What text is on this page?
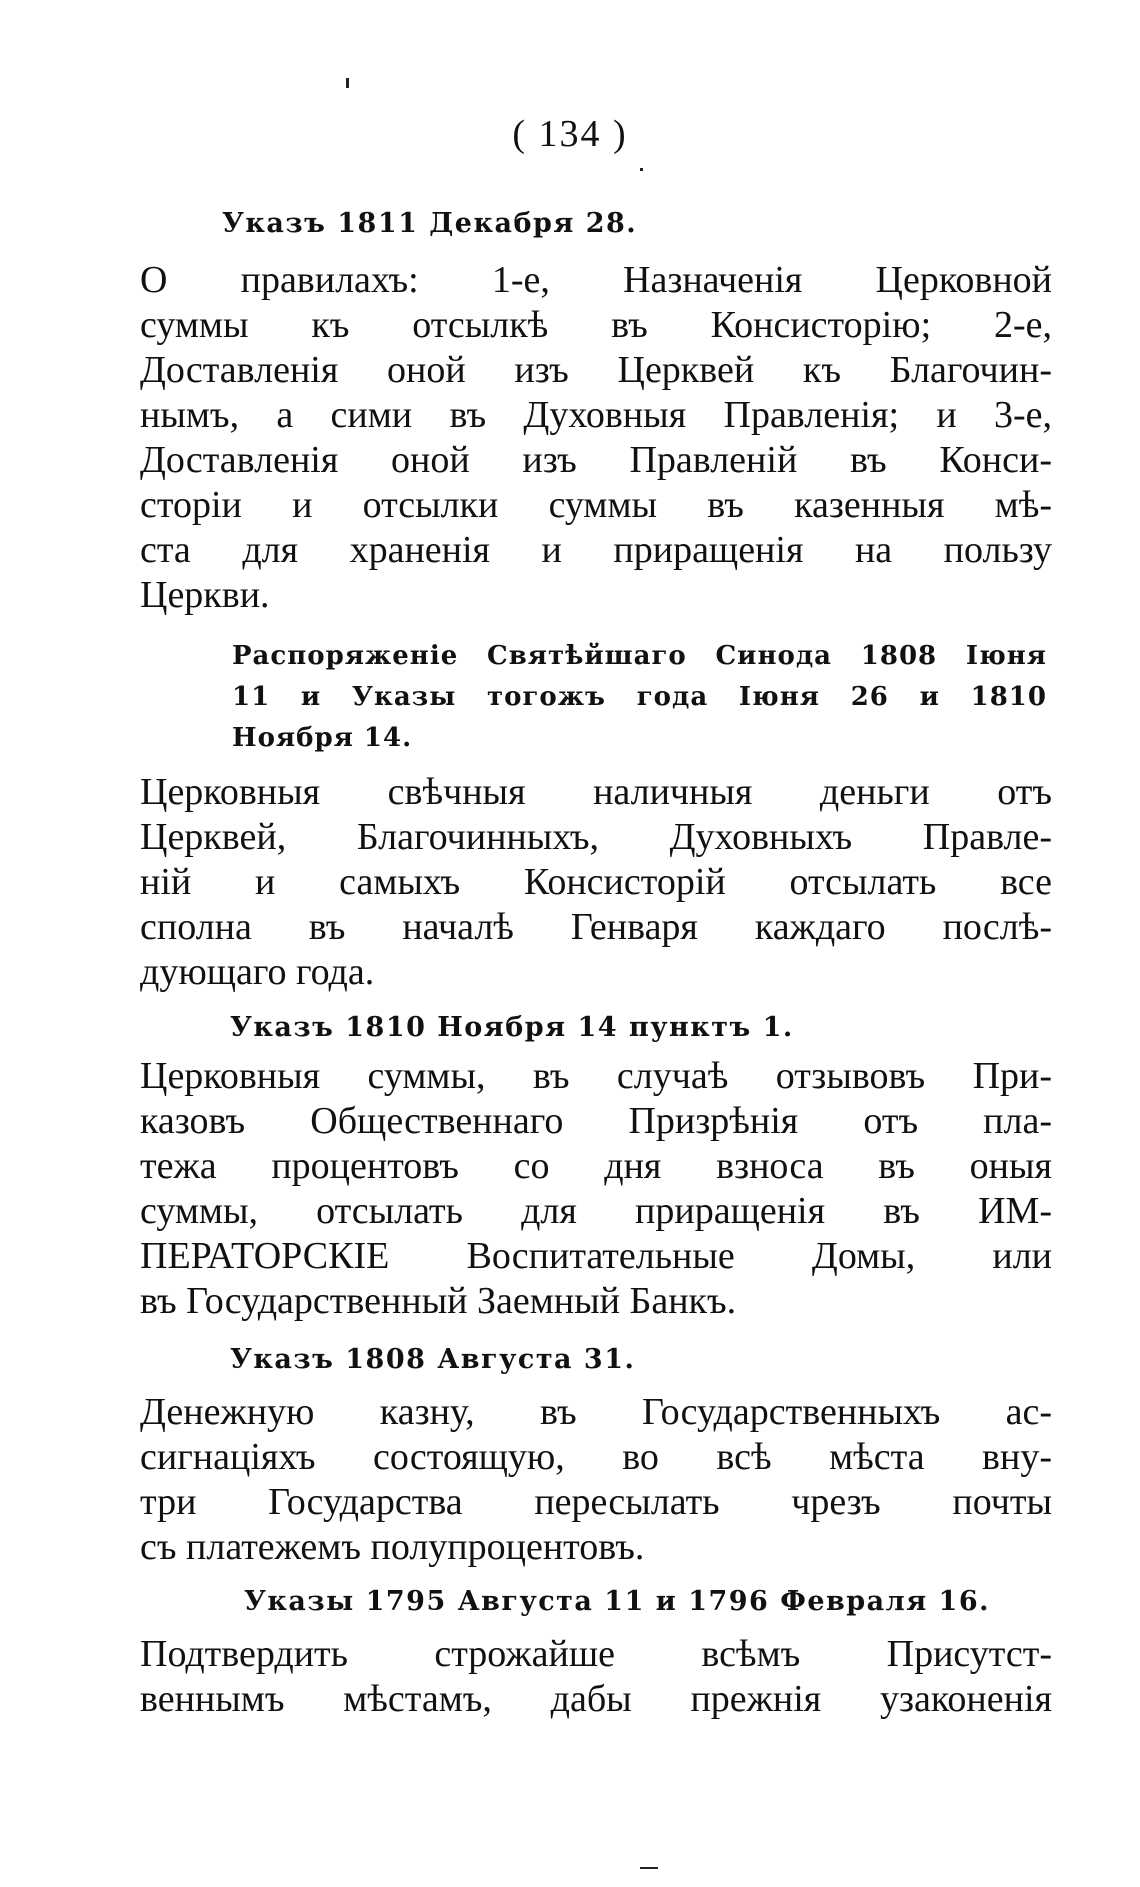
( 134 )
Указъ 1811 Декабря 28.
О правилахъ: 1-е, Назначенія Церковной
суммы къ отсылкѣ въ Консисторію; 2-е,
Доставленія оной изъ Церквей къ Благочин-
нымъ, а сими въ Духовныя Правленія; и 3-е,
Доставленія оной изъ Правленій въ Конси-
сторіи и отсылки суммы въ казенныя мѣ-
ста для храненія и приращенія на пользу
Церкви.
Распоряженіе Святѣйшаго Синода 1808 Іюня
11 и Указы тогожъ года Іюня 26 и 1810
Ноября 14.
Церковныя свѣчныя наличныя деньги отъ
Церквей, Благочинныхъ, Духовныхъ Правле-
ній и самыхъ Консисторій отсылать все
сполна въ началѣ Генваря каждаго послѣ-
дующаго года.
Указъ 1810 Ноября 14 пунктъ 1.
Церковныя суммы, въ случаѣ отзывовъ При-
казовъ Общественнаго Призрѣнія отъ пла-
тежа процентовъ со дня взноса въ оныя
суммы, отсылать для приращенія въ ИМ-
ПЕРАТОРСКІЕ Воспитательные Домы, или
въ Государственный Заемный Банкъ.
Указъ 1808 Августа 31.
Денежную казну, въ Государственныхъ ас-
сигнаціяхъ состоящую, во всѣ мѣста вну-
три Государства пересылать чрезъ почты
съ платежемъ полупроцентовъ.
Указы 1795 Августа 11 и 1796 Февраля 16.
Подтвердить строжайше всѣмъ Присутст-
веннымъ мѣстамъ, дабы прежнія узаконенія
